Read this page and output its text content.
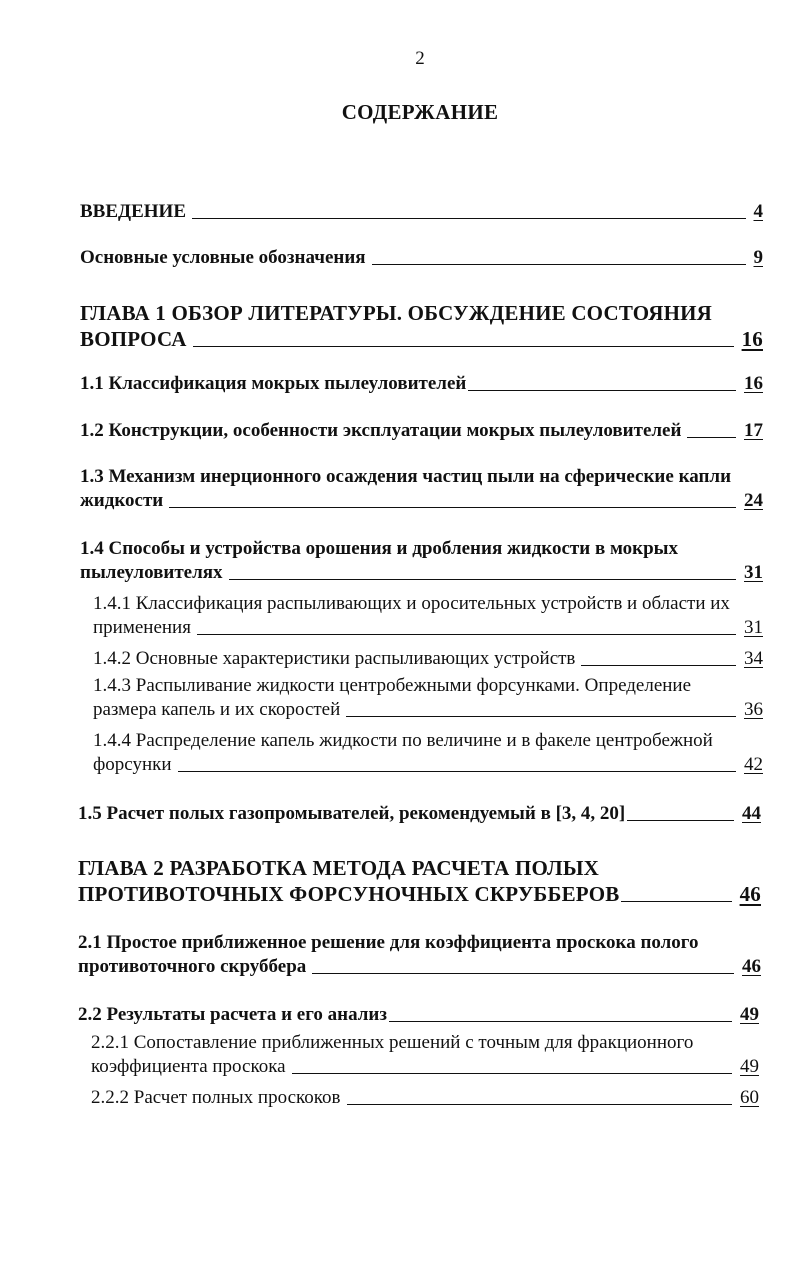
2
СОДЕРЖАНИЕ
ВВЕДЕНИЕ	4
Основные условные обозначения	9
ГЛАВА 1 ОБЗОР ЛИТЕРАТУРЫ. ОБСУЖДЕНИЕ СОСТОЯНИЯ
ВОПРОСА	16
1.1 Классификация мокрых пылеуловителей	16
1.2 Конструкции, особенности эксплуатации мокрых пылеуловителей	17
1.3 Механизм инерционного осаждения частиц пыли на сферические капли
жидкости	24
1.4 Способы и устройства орошения и дробления жидкости в мокрых
пылеуловителях	31
1.4.1 Классификация распыливающих и оросительных устройств и области их
применения	31
1.4.2 Основные характеристики распыливающих устройств	34
1.4.3 Распыливание жидкости центробежными форсунками. Определение
размера капель и их скоростей	36
1.4.4 Распределение капель жидкости по величине и в факеле центробежной
форсунки	42
1.5 Расчет полых газопромывателей, рекомендуемый в [3, 4, 20]	44
ГЛАВА 2 РАЗРАБОТКА МЕТОДА РАСЧЕТА ПОЛЫХ
ПРОТИВОТОЧНЫХ ФОРСУНОЧНЫХ СКРУББЕРОВ	46
2.1 Простое приближенное решение для коэффициента проскока полого
противоточного скруббера	46
2.2 Результаты расчета и его анализ	49
2.2.1 Сопоставление приближенных решений с точным для фракционного
коэффициента проскока	49
2.2.2 Расчет полных проскоков	60
